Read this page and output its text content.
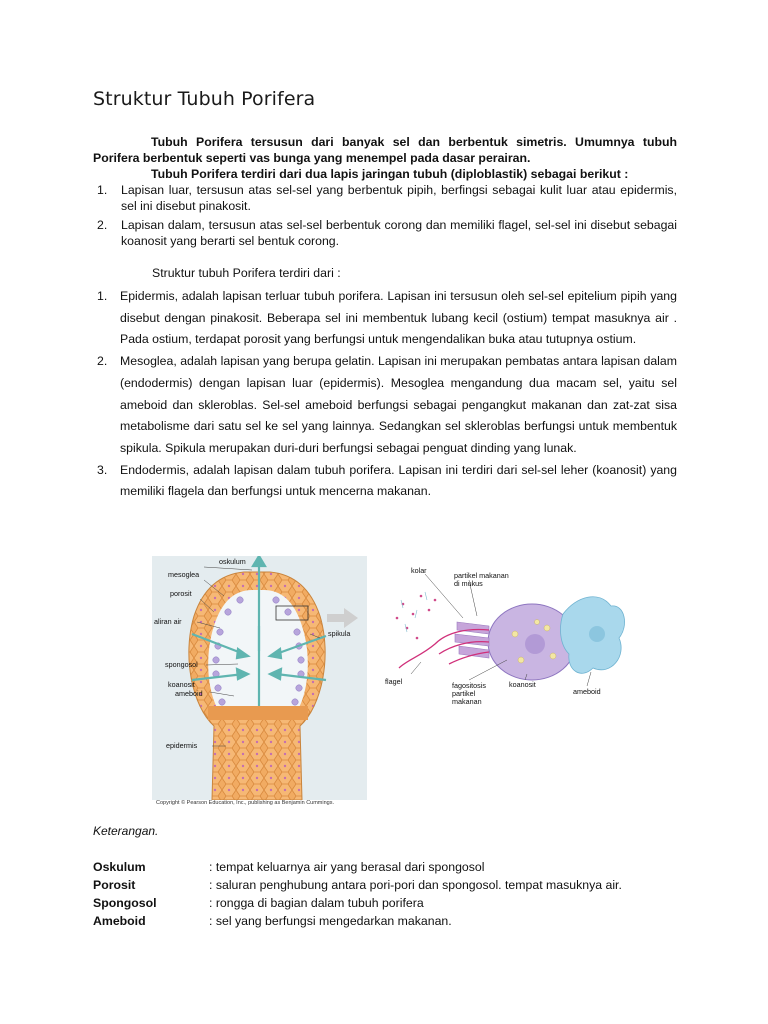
Struktur Tubuh Porifera

Tubuh Porifera tersusun dari banyak sel dan berbentuk simetris. Umumnya tubuh Porifera berbentuk seperti vas bunga yang menempel pada dasar perairan.

Tubuh Porifera terdiri dari dua lapis jaringan tubuh (diploblastik) sebagai berikut :

1. Lapisan luar, tersusun atas sel-sel yang berbentuk pipih, berfingsi sebagai kulit luar atau epidermis, sel ini disebut pinakosit.
2. Lapisan dalam, tersusun atas sel-sel berbentuk corong dan memiliki flagel, sel-sel ini disebut sebagai koanosit yang berarti sel bentuk corong.
Struktur tubuh Porifera terdiri dari :
1. Epidermis, adalah lapisan terluar tubuh porifera. Lapisan ini tersusun oleh sel-sel epitelium pipih yang disebut dengan pinakosit. Beberapa sel ini membentuk lubang kecil (ostium) tempat masuknya air . Pada ostium, terdapat porosit yang berfungsi untuk mengendalikan buka atau tutupnya ostium.
2. Mesoglea, adalah lapisan yang berupa gelatin. Lapisan ini merupakan pembatas antara lapisan dalam (endodermis) dengan lapisan luar (epidermis). Mesoglea mengandung dua macam sel, yaitu sel ameboid dan skleroblas. Sel-sel ameboid berfungsi sebagai pengangkut makanan dan zat-zat sisa metabolisme dari satu sel ke sel yang lainnya. Sedangkan sel skleroblas berfungsi untuk membentuk spikula. Spikula merupakan duri-duri berfungsi sebagai penguat dinding yang lunak.
3. Endodermis, adalah lapisan dalam tubuh porifera. Lapisan ini terdiri dari sel-sel leher (koanosit) yang memiliki flagela dan berfungsi untuk mencerna makanan.
oskulum
mesoglea
porosit
aliran air
spikula
spongosol
koanosit
ameboid
epidermis
kolar
partikel makanan
di mukus
flagel	fagositosis
partikel
makanan
koanosit
ameboid
Copyright © Pearson Education, Inc., publishing as Benjamin Cummings.
Keterangan.
Oskulum	: tempat keluarnya air yang berasal dari spongosol
Porosit	: saluran penghubung antara pori-pori dan spongosol. tempat masuknya air.
Spongosol	: rongga di bagian dalam tubuh porifera
Ameboid	: sel yang berfungsi mengedarkan makanan.
